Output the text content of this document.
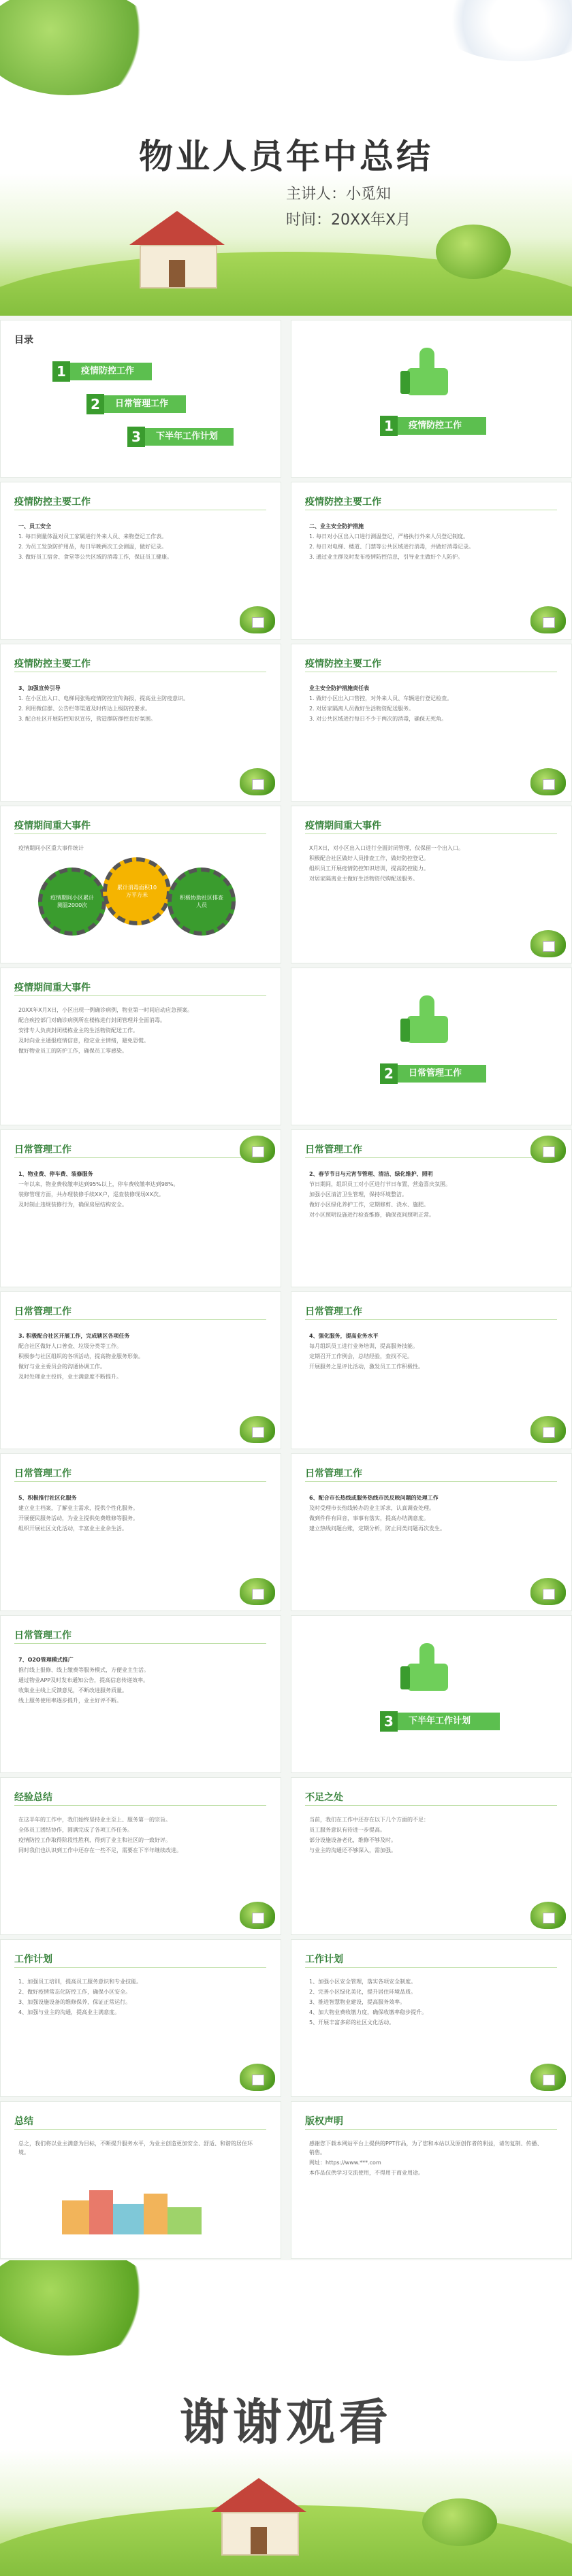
物业人员年中总结
主讲人：小觅知
时间：20XX年X月
目录
1	疫情防控工作
2	日常管理工作
3	下半年工作计划
1	疫情防控工作
疫情防控主要工作
一、员工安全
1. 每日测量体温对员工家属进行外来人员、来物登记工作表。
2. 为员工发放防护用品，每日早晚两次工会测温，做好记录。
3. 做好员工宿舍、食堂等公共区域的消毒工作，保证员工健康。
疫情防控主要工作
二、业主安全防护措施
1. 每日对小区出入口进行测温登记，严格执行外来人员登记制度。
2. 每日对电梯、楼道、门禁等公共区域进行消毒，并做好消毒记录。
3. 通过业主群及时发布疫情防控信息，引导业主做好个人防护。
疫情防控主要工作
3、加强宣传引导
1. 在小区出入口、电梯间张贴疫情防控宣传海报，提高业主防疫意识。
2. 利用微信群、公告栏等渠道及时传达上级防控要求。
3. 配合社区开展防控知识宣传，营造群防群控良好氛围。
疫情防控主要工作
业主安全防护措施责任表
1. 做好小区出入口管控，对外来人员、车辆进行登记检查。
2. 对居家隔离人员做好生活物资配送服务。
3. 对公共区域进行每日不少于两次的消毒，确保无死角。
疫情期间重大事件
疫情期间小区重大事件统计
疫情期间小区累计测温2000次
累计消毒面积10万平方米	积极协助社区排查人员
疫情期间重大事件
X月X日，对小区出入口进行全面封闭管理，仅保留一个出入口。
积极配合社区做好人员排查工作，做好防控登记。
组织员工开展疫情防控知识培训，提高防控能力。
对居家隔离业主做好生活物资代购配送服务。
疫情期间重大事件
20XX年X月X日，小区出现一例确诊病例，物业第一时间启动应急预案。
配合疾控部门对确诊病例所在楼栋进行封闭管理并全面消毒。
安排专人负责封闭楼栋业主的生活物资配送工作。
及时向业主通报疫情信息，稳定业主情绪，避免恐慌。
做好物业员工的防护工作，确保员工零感染。
2	日常管理工作
日常管理工作
1、物业费、停车费、装修服务
一年以来，物业费收缴率达到95%以上，停车费收缴率达到98%。
装修管理方面，共办理装修手续XX户，巡查装修现场XX次。
及时制止违规装修行为，确保房屋结构安全。
日常管理工作
2、春节节日与元宵节管理、清洁、绿化维护、照明
节日期间，组织员工对小区进行节日布置，营造喜庆氛围。
加强小区清洁卫生管理，保持环境整洁。
做好小区绿化养护工作，定期修剪、浇水、施肥。
对小区照明设施进行检查维修，确保夜间照明正常。
日常管理工作
3. 积极配合社区开展工作，完成辖区各项任务
配合社区做好人口普查、垃圾分类等工作。
积极参与社区组织的各项活动，提高物业服务形象。
做好与业主委员会的沟通协调工作。
及时处理业主投诉，业主满意度不断提升。
日常管理工作
4、强化服务，提高业务水平
每月组织员工进行业务培训，提高服务技能。
定期召开工作例会，总结经验，查找不足。
开展服务之星评比活动，激发员工工作积极性。
日常管理工作
5、积极推行社区化服务
建立业主档案，了解业主需求，提供个性化服务。
开展便民服务活动，为业主提供免费维修等服务。
组织开展社区文化活动，丰富业主业余生活。
日常管理工作
6、配合市长热线或服务热线市民反映问题的处理工作
及时受理市长热线转办的业主诉求，认真调查处理。
做到件件有回音，事事有落实，提高办结满意度。
建立热线问题台账，定期分析，防止同类问题再次发生。
日常管理工作
7、O2O管理模式推广
推行线上报修、线上缴费等服务模式，方便业主生活。
通过物业APP及时发布通知公告，提高信息传递效率。
收集业主线上反馈意见，不断改进服务质量。
线上服务使用率逐步提升，业主好评不断。
3	下半年工作计划
经验总结
在这半年的工作中，我们始终坚持业主至上、服务第一的宗旨。
全体员工团结协作，圆满完成了各项工作任务。
疫情防控工作取得阶段性胜利，得到了业主和社区的一致好评。
同时我们也认识到工作中还存在一些不足，需要在下半年继续改进。
不足之处
当前，我们在工作中还存在以下几个方面的不足：
员工服务意识有待进一步提高。
部分设施设备老化，维修不够及时。
与业主的沟通还不够深入，需加强。
工作计划
1、加强员工培训，提高员工服务意识和专业技能。
2、做好疫情常态化防控工作，确保小区安全。
3、加强设施设备的维修保养，保证正常运行。
4、加强与业主的沟通，提高业主满意度。
工作计划
1、加强小区安全管理，落实各项安全制度。
2、完善小区绿化美化，提升居住环境品质。
3、推进智慧物业建设，提高服务效率。
4、加大物业费收缴力度，确保收缴率稳步提升。
5、开展丰富多彩的社区文化活动。
总结
总之，我们将以业主满意为目标，不断提升服务水平，为业主创造更加安全、舒适、和谐的居住环境。
版权声明
感谢您下载本网站平台上提供的PPT作品，为了您和本站以及原创作者的利益，请勿复制、传播、销售。
网址：https://www.***.com
本作品仅供学习交流使用，不得用于商业用途。
谢谢观看
